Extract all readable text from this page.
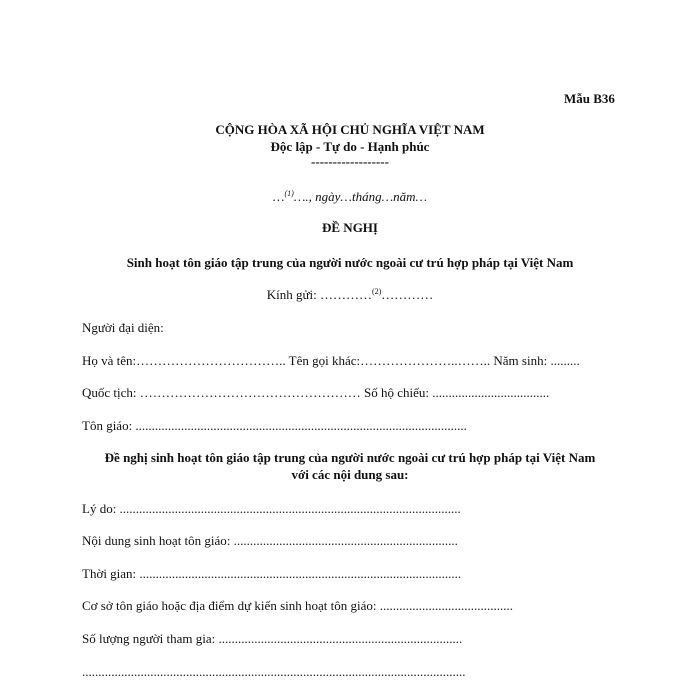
Mẫu B36
CỘNG HÒA XÃ HỘI CHỦ NGHĨA VIỆT NAM
Độc lập - Tự do - Hạnh phúc
------------------
…$^{(1)}$…., ngày…tháng…năm…
ĐỀ NGHỊ
Sinh hoạt tôn giáo tập trung của người nước ngoài cư trú hợp pháp tại Việt Nam
Kính gửi: …………$^{(2)}$…………
Người đại diện:
Họ và tên:…………………………….. Tên gọi khác:…………………..…….. Năm sinh: .........
Quốc tịch: …………………………………………… Số hộ chiếu: ....................................
Tôn giáo: ......................................................................................................
Đề nghị sinh hoạt tôn giáo tập trung của người nước ngoài cư trú hợp pháp tại Việt Nam
với các nội dung sau:
Lý do: .........................................................................................................
Nội dung sinh hoạt tôn giáo: .....................................................................
Thời gian: ...................................................................................................
Cơ sở tôn giáo hoặc địa điểm dự kiến sinh hoạt tôn giáo: .........................................
Số lượng người tham gia: ...........................................................................
......................................................................................................................
